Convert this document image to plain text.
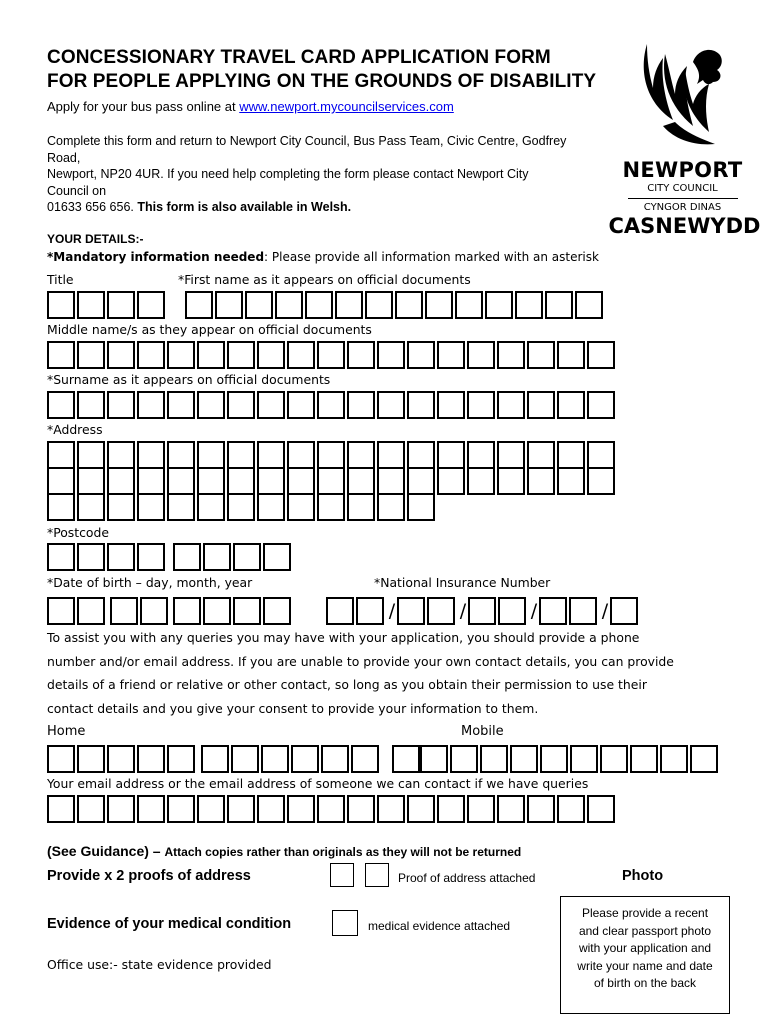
CONCESSIONARY TRAVEL CARD APPLICATION FORM
FOR PEOPLE APPLYING ON THE GROUNDS OF DISABILITY
Apply for your bus pass online at www.newport.mycouncilservices.com
Complete this form and return to Newport City Council, Bus Pass Team, Civic Centre, Godfrey
Road,
Newport, NP20 4UR. If you need help completing the form please contact Newport City
Council on
01633 656 656. This form is also available in Welsh.
NEWPORT
CITY COUNCIL
CYNGOR DINAS
CASNEWYDD
YOUR DETAILS:-
*Mandatory information needed: Please provide all information marked with an asterisk
Title	*First name as it appears on official documents
Middle name/s as they appear on official documents
*Surname as it appears on official documents
*Address
*Postcode
*Date of birth – day, month, year	*National Insurance Number
/	/	/	/
To assist you with any queries you may have with your application, you should provide a phone
number and/or email address. If you are unable to provide your own contact details, you can provide
details of a friend or relative or other contact, so long as you obtain their permission to use their
contact details and you give your consent to provide your information to them.
Home	Mobile
Your email address or the email address of someone we can contact if we have queries
(See Guidance) – Attach copies rather than originals as they will not be returned
Provide x 2 proofs of address	Proof of address attached	Photo
Evidence of your medical condition	medical evidence attached
Please provide a recent and clear passport photo with your application and write your name and date of birth on the back
Office use:- state evidence provided
